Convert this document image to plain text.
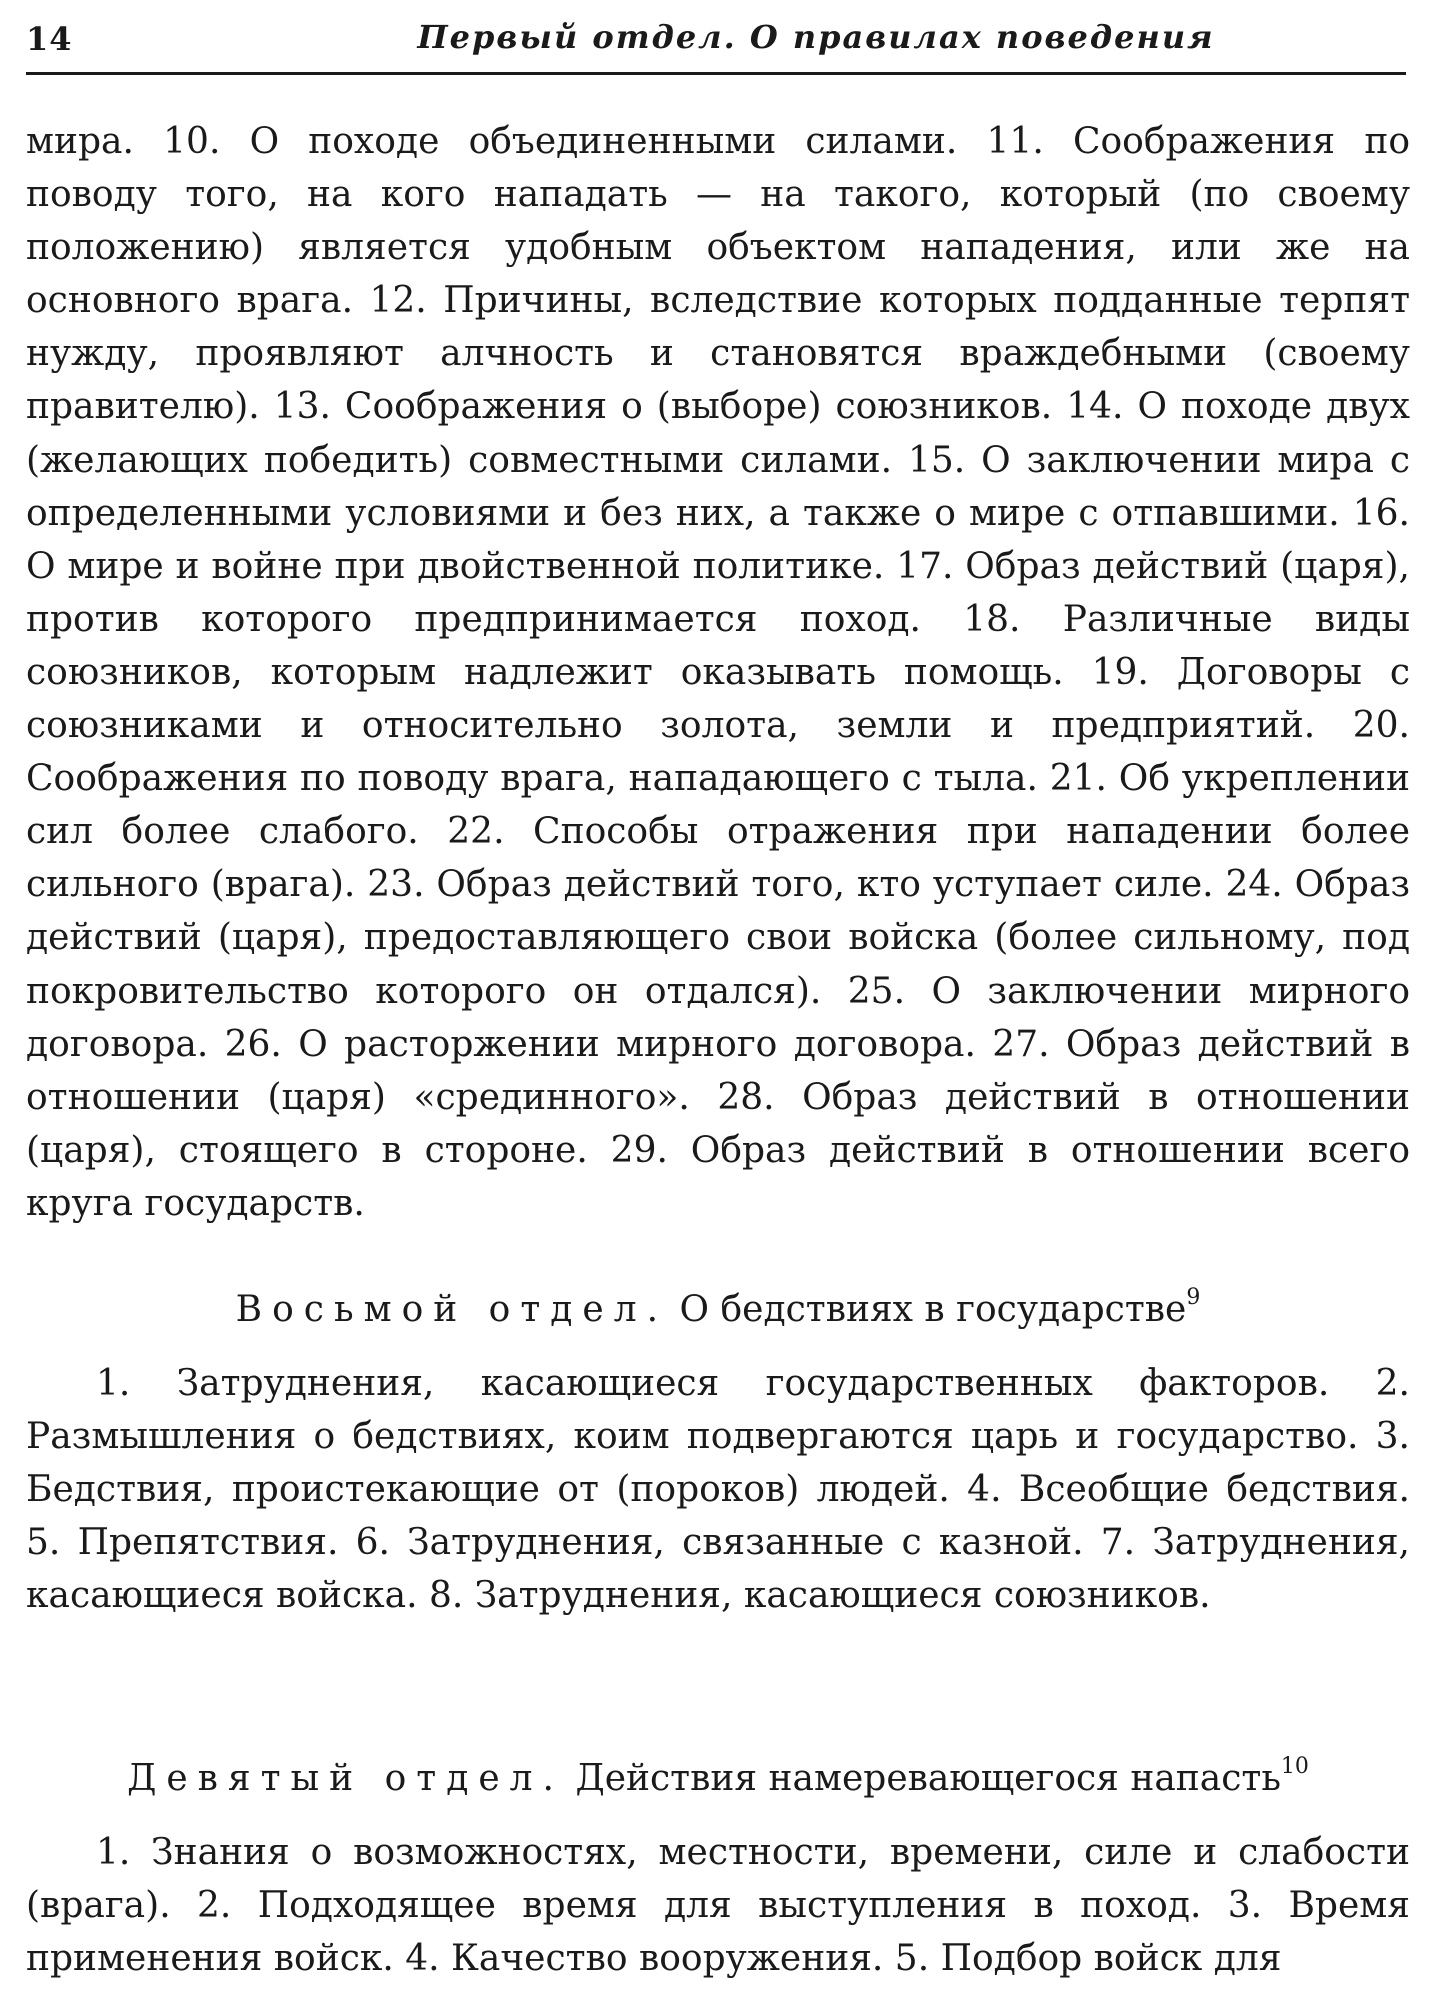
14	Первый отдел. О правилах поведения

мира. 10. О походе объединенными силами. 11. Соображения по поводу того, на кого нападать — на такого, который (по своему положению) является удобным объектом нападения, или же на основного врага. 12. Причины, вследствие которых подданные терпят нужду, проявляют алчность и становятся враждебными (своему правителю). 13. Соображения о (выборе) союзников. 14. О походе двух (желающих победить) совместными силами. 15. О заключении мира с определенными условиями и без них, а также о мире с отпавшими. 16. О мире и войне при двойственной политике. 17. Образ действий (царя), против которого предпринимается поход. 18. Различные виды союзников, которым надлежит оказывать помощь. 19. Договоры с союзниками и относительно золота, земли и предприятий. 20. Соображения по поводу врага, нападающего с тыла. 21. Об укреплении сил более слабого. 22. Способы отражения при нападении более сильного (врага). 23. Образ действий того, кто уступает силе. 24. Образ действий (царя), предоставляющего свои войска (более сильному, под покровительство которого он отдался). 25. О заключении мирного договора. 26. О расторжении мирного договора. 27. Образ действий в отношении (царя) «срединного». 28. Образ действий в отношении (царя), стоящего в стороне. 29. Образ действий в отношении всего круга государств.

Восьмой отдел. О бедствиях в государстве$^9$

1. Затруднения, касающиеся государственных факторов. 2. Размышления о бедствиях, коим подвергаются царь и государство. 3. Бедствия, проистекающие от (пороков) людей. 4. Всеобщие бедствия. 5. Препятствия. 6. Затруднения, связанные с казной. 7. Затруднения, касающиеся войска. 8. Затруднения, касающиеся союзников.

Девятый отдел. Действия намеревающегося напасть$^{10}$

1. Знания о возможностях, местности, времени, силе и слабости (врага). 2. Подходящее время для выступления в поход. 3. Время применения войск. 4. Качество вооружения. 5. Подбор войск для
